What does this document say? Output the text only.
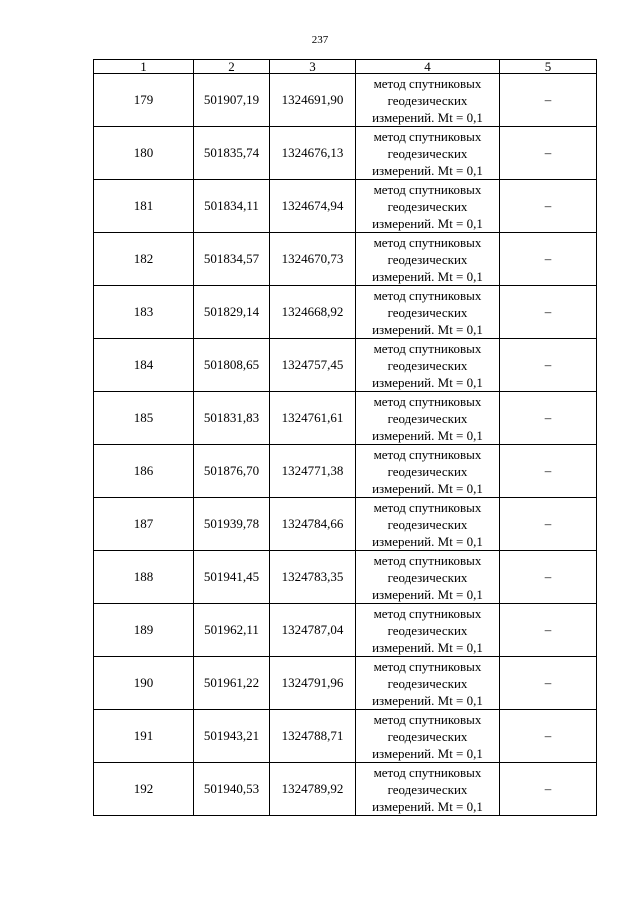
237
1	2	3	4	5
179	501907,19	1324691,90	метод спутниковых
геодезических
измерений. Mt = 0,1	–
180	501835,74	1324676,13	метод спутниковых
геодезических
измерений. Mt = 0,1	–
181	501834,11	1324674,94	метод спутниковых
геодезических
измерений. Mt = 0,1	–
182	501834,57	1324670,73	метод спутниковых
геодезических
измерений. Mt = 0,1	–
183	501829,14	1324668,92	метод спутниковых
геодезических
измерений. Mt = 0,1	–
184	501808,65	1324757,45	метод спутниковых
геодезических
измерений. Mt = 0,1	–
185	501831,83	1324761,61	метод спутниковых
геодезических
измерений. Mt = 0,1	–
186	501876,70	1324771,38	метод спутниковых
геодезических
измерений. Mt = 0,1	–
187	501939,78	1324784,66	метод спутниковых
геодезических
измерений. Mt = 0,1	–
188	501941,45	1324783,35	метод спутниковых
геодезических
измерений. Mt = 0,1	–
189	501962,11	1324787,04	метод спутниковых
геодезических
измерений. Mt = 0,1	–
190	501961,22	1324791,96	метод спутниковых
геодезических
измерений. Mt = 0,1	–
191	501943,21	1324788,71	метод спутниковых
геодезических
измерений. Mt = 0,1	–
192	501940,53	1324789,92	метод спутниковых
геодезических
измерений. Mt = 0,1	–
